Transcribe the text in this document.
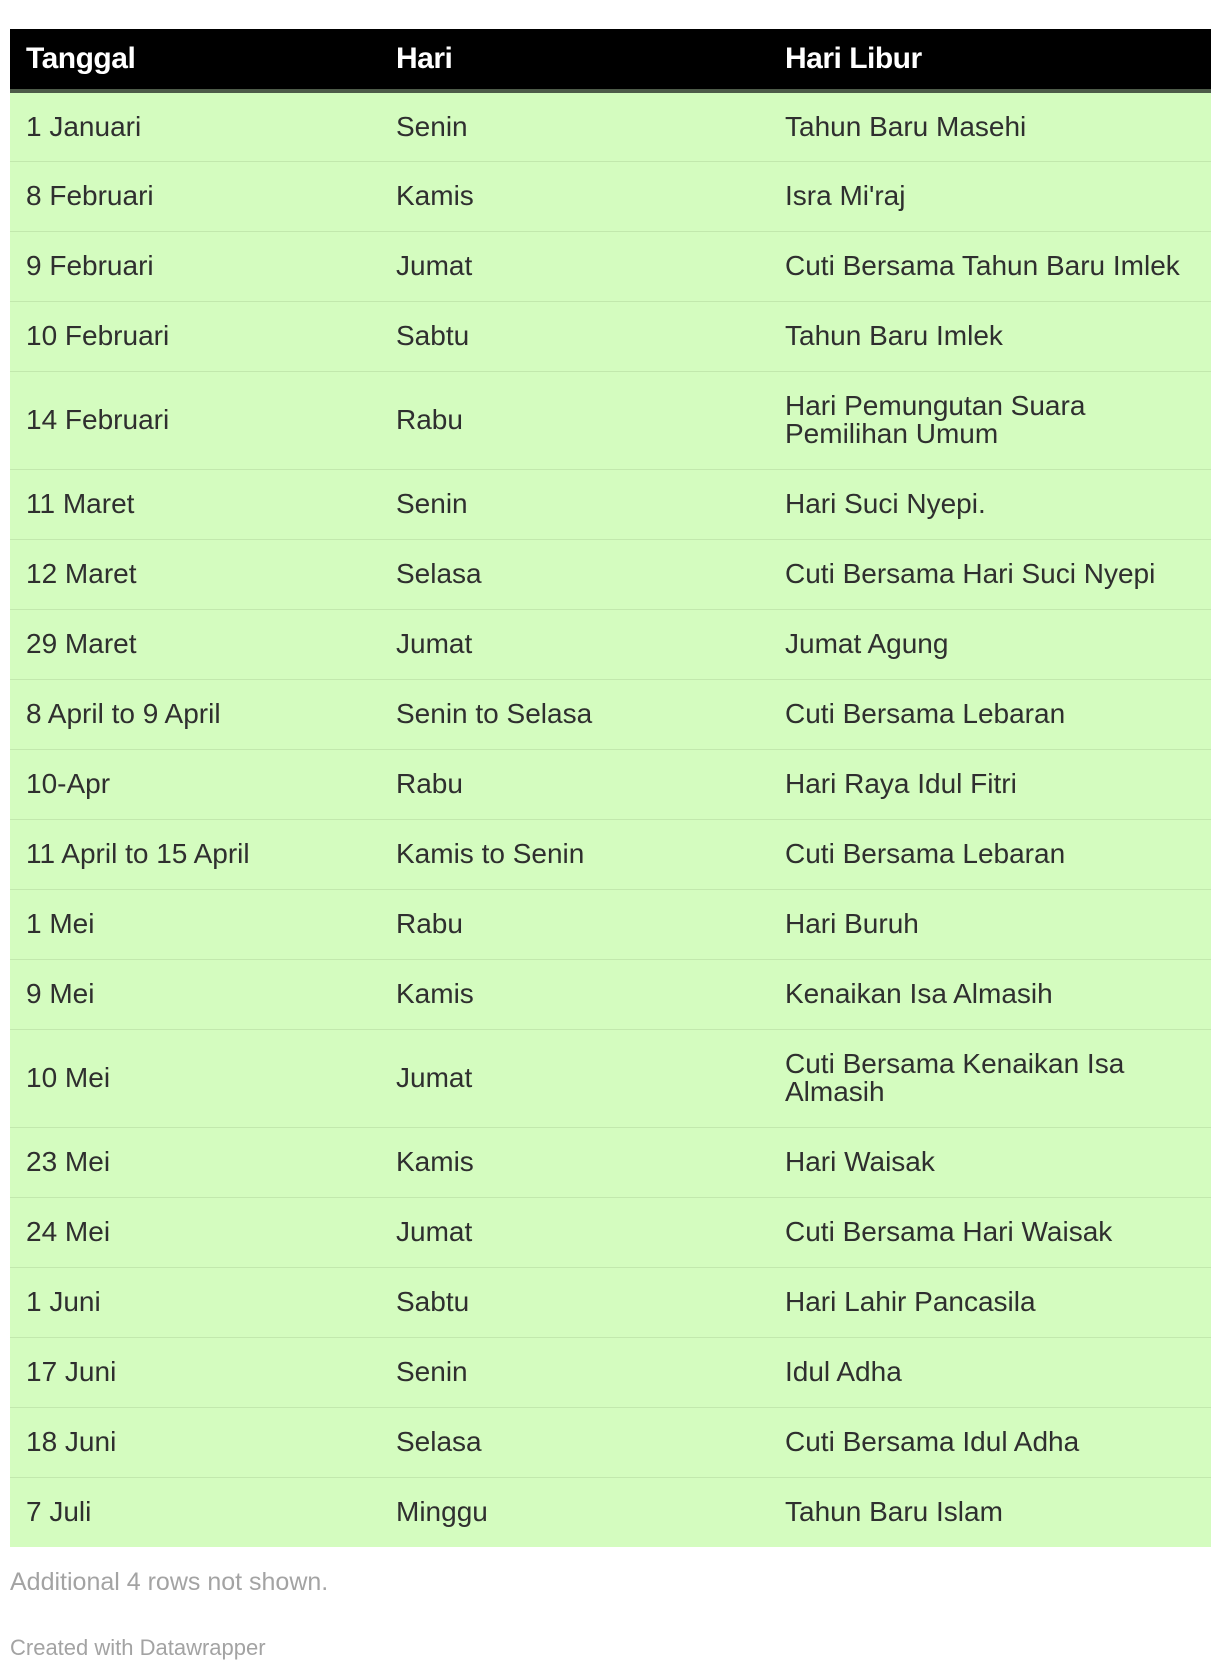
Tanggal	Hari	Hari Libur
1 Januari	Senin	Tahun Baru Masehi
8 Februari	Kamis	Isra Mi'raj
9 Februari	Jumat	Cuti Bersama Tahun Baru Imlek
10 Februari	Sabtu	Tahun Baru Imlek
14 Februari	Rabu	Hari Pemungutan Suara Pemilihan Umum
11 Maret	Senin	Hari Suci Nyepi.
12 Maret	Selasa	Cuti Bersama Hari Suci Nyepi
29 Maret	Jumat	Jumat Agung
8 April to 9 April	Senin to Selasa	Cuti Bersama Lebaran
10-Apr	Rabu	Hari Raya Idul Fitri
11 April to 15 April	Kamis to Senin	Cuti Bersama Lebaran
1 Mei	Rabu	Hari Buruh
9 Mei	Kamis	Kenaikan Isa Almasih
10 Mei	Jumat	Cuti Bersama Kenaikan Isa Almasih
23 Mei	Kamis	Hari Waisak
24 Mei	Jumat	Cuti Bersama Hari Waisak
1 Juni	Sabtu	Hari Lahir Pancasila
17 Juni	Senin	Idul Adha
18 Juni	Selasa	Cuti Bersama Idul Adha
7 Juli	Minggu	Tahun Baru Islam
Additional 4 rows not shown.
Created with Datawrapper
